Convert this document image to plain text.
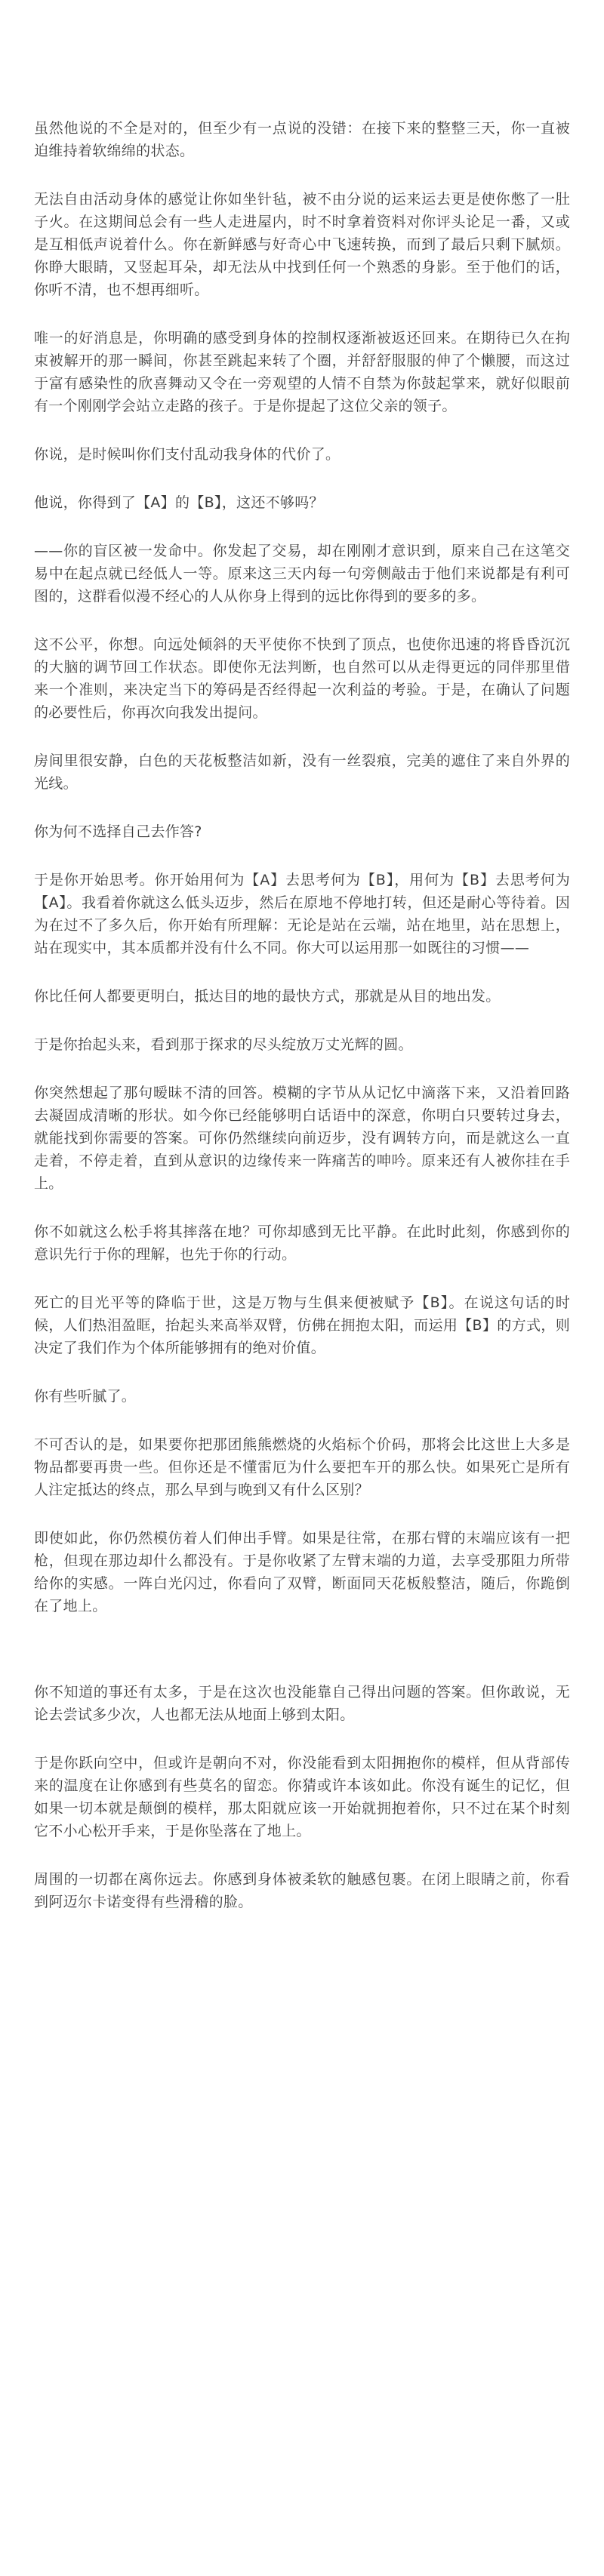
虽然他说的不全是对的，但至少有一点说的没错：在接下来的整整三天，你一直被迫维持着软绵绵的状态。

无法自由活动身体的感觉让你如坐针毡，被不由分说的运来运去更是使你憋了一肚子火。在这期间总会有一些人走进屋内，时不时拿着资料对你评头论足一番，又或是互相低声说着什么。你在新鲜感与好奇心中飞速转换，而到了最后只剩下腻烦。你睁大眼睛，又竖起耳朵，却无法从中找到任何一个熟悉的身影。至于他们的话，你听不清，也不想再细听。

唯一的好消息是，你明确的感受到身体的控制权逐渐被返还回来。在期待已久在拘束被解开的那一瞬间，你甚至跳起来转了个圈，并舒舒服服的伸了个懒腰，而这过于富有感染性的欣喜舞动又令在一旁观望的人情不自禁为你鼓起掌来，就好似眼前有一个刚刚学会站立走路的孩子。于是你提起了这位父亲的领子。

你说，是时候叫你们支付乱动我身体的代价了。

他说，你得到了【A】的【B】，这还不够吗？

——你的盲区被一发命中。你发起了交易，却在刚刚才意识到，原来自己在这笔交易中在起点就已经低人一等。原来这三天内每一句旁侧敲击于他们来说都是有利可图的，这群看似漫不经心的人从你身上得到的远比你得到的要多的多。

这不公平，你想。向远处倾斜的天平使你不快到了顶点，也使你迅速的将昏昏沉沉的大脑的调节回工作状态。即使你无法判断，也自然可以从走得更远的同伴那里借来一个准则，来决定当下的筹码是否经得起一次利益的考验。于是，在确认了问题的必要性后，你再次向我发出提问。

房间里很安静，白色的天花板整洁如新，没有一丝裂痕，完美的遮住了来自外界的光线。

你为何不选择自己去作答?

于是你开始思考。你开始用何为【A】去思考何为【B】，用何为【B】去思考何为【A】。我看着你就这么低头迈步，然后在原地不停地打转，但还是耐心等待着。因为在过不了多久后，你开始有所理解：无论是站在云端，站在地里，站在思想上，站在现实中，其本质都并没有什么不同。你大可以运用那一如既往的习惯——

你比任何人都要更明白，抵达目的地的最快方式，那就是从目的地出发。

于是你抬起头来，看到那于探求的尽头绽放万丈光辉的圆。

你突然想起了那句暧昧不清的回答。模糊的字节从从记忆中滴落下来，又沿着回路去凝固成清晰的形状。如今你已经能够明白话语中的深意，你明白只要转过身去，就能找到你需要的答案。可你仍然继续向前迈步，没有调转方向，而是就这么一直走着，不停走着，直到从意识的边缘传来一阵痛苦的呻吟。原来还有人被你挂在手上。

你不如就这么松手将其摔落在地？可你却感到无比平静。在此时此刻，你感到你的意识先行于你的理解，也先于你的行动。

死亡的目光平等的降临于世，这是万物与生俱来便被赋予【B】。在说这句话的时候，人们热泪盈眶，抬起头来高举双臂，仿佛在拥抱太阳，而运用【B】的方式，则决定了我们作为个体所能够拥有的绝对价值。

你有些听腻了。

不可否认的是，如果要你把那团熊熊燃烧的火焰标个价码，那将会比这世上大多是物品都要再贵一些。但你还是不懂雷厄为什么要把车开的那么快。如果死亡是所有人注定抵达的终点，那么早到与晚到又有什么区别？

即使如此，你仍然模仿着人们伸出手臂。如果是往常，在那右臂的末端应该有一把枪，但现在那边却什么都没有。于是你收紧了左臂末端的力道，去享受那阻力所带给你的实感。一阵白光闪过，你看向了双臂，断面同天花板般整洁，随后，你跪倒在了地上。

你不知道的事还有太多，于是在这次也没能靠自己得出问题的答案。但你敢说，无论去尝试多少次，人也都无法从地面上够到太阳。

于是你跃向空中，但或许是朝向不对，你没能看到太阳拥抱你的模样，但从背部传来的温度在让你感到有些莫名的留恋。你猜或许本该如此。你没有诞生的记忆，但如果一切本就是颠倒的模样，那太阳就应该一开始就拥抱着你，只不过在某个时刻它不小心松开手来，于是你坠落在了地上。

周围的一切都在离你远去。你感到身体被柔软的触感包裹。在闭上眼睛之前，你看到阿迈尔卡诺变得有些滑稽的脸。
